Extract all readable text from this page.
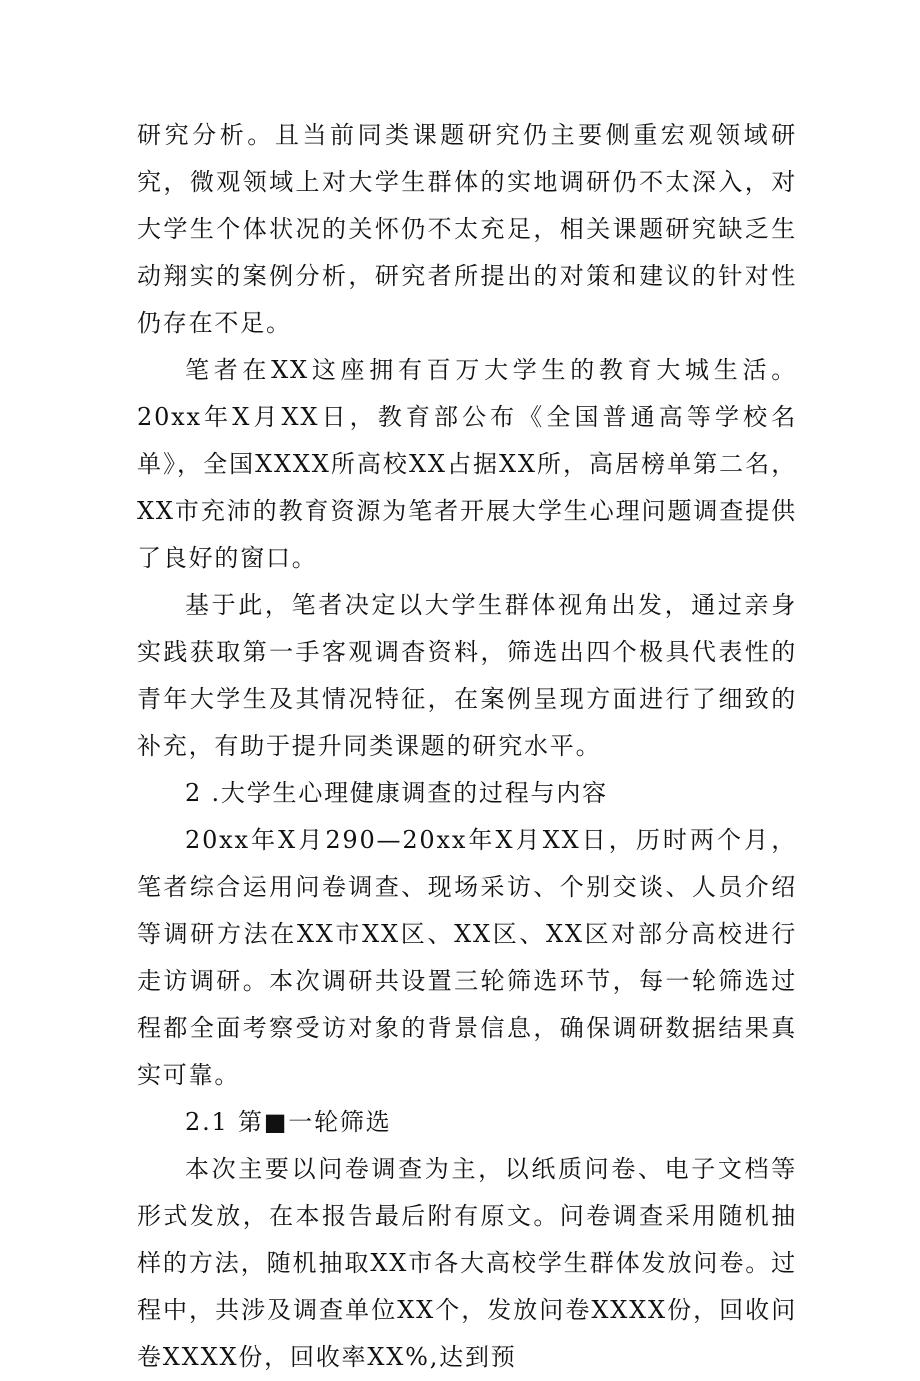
研究分析。且当前同类课题研究仍主要侧重宏观领域研究，微观领域上对大学生群体的实地调研仍不太深入，对大学生个体状况的关怀仍不太充足，相关课题研究缺乏生动翔实的案例分析，研究者所提出的对策和建议的针对性仍存在不足。

笔者在XX这座拥有百万大学生的教育大城生活。20xx年X月XX日，教育部公布《全国普通高等学校名单》，全国XXXX所高校XX占据XX所，高居榜单第二名，XX市充沛的教育资源为笔者开展大学生心理问题调查提供了良好的窗口。

基于此，笔者决定以大学生群体视角出发，通过亲身实践获取第一手客观调杳资料，筛选出四个极具代表性的青年大学生及其情况特征，在案例呈现方面进行了细致的补充，有助于提升同类课题的研究水平。

2 .大学生心理健康调查的过程与内容

20xx年X月290—20xx年X月XX日，历时两个月，笔者综合运用问卷调查、现场采访、个别交谈、人员介绍等调研方法在XX市XX区、XX区、XX区对部分高校进行走访调研。本次调研共设置三轮筛选环节，每一轮筛选过程都全面考察受访对象的背景信息，确保调研数据结果真实可靠。

2.1 第■一轮筛选

本次主要以问卷调查为主，以纸质问卷、电子文档等形式发放，在本报告最后附有原文。问卷调查采用随机抽样的方法，随机抽取XX市各大高校学生群体发放问卷。过程中，共涉及调查单位XX个，发放问卷XXXX份，回收问卷XXXX份，回收率XX%,达到预
